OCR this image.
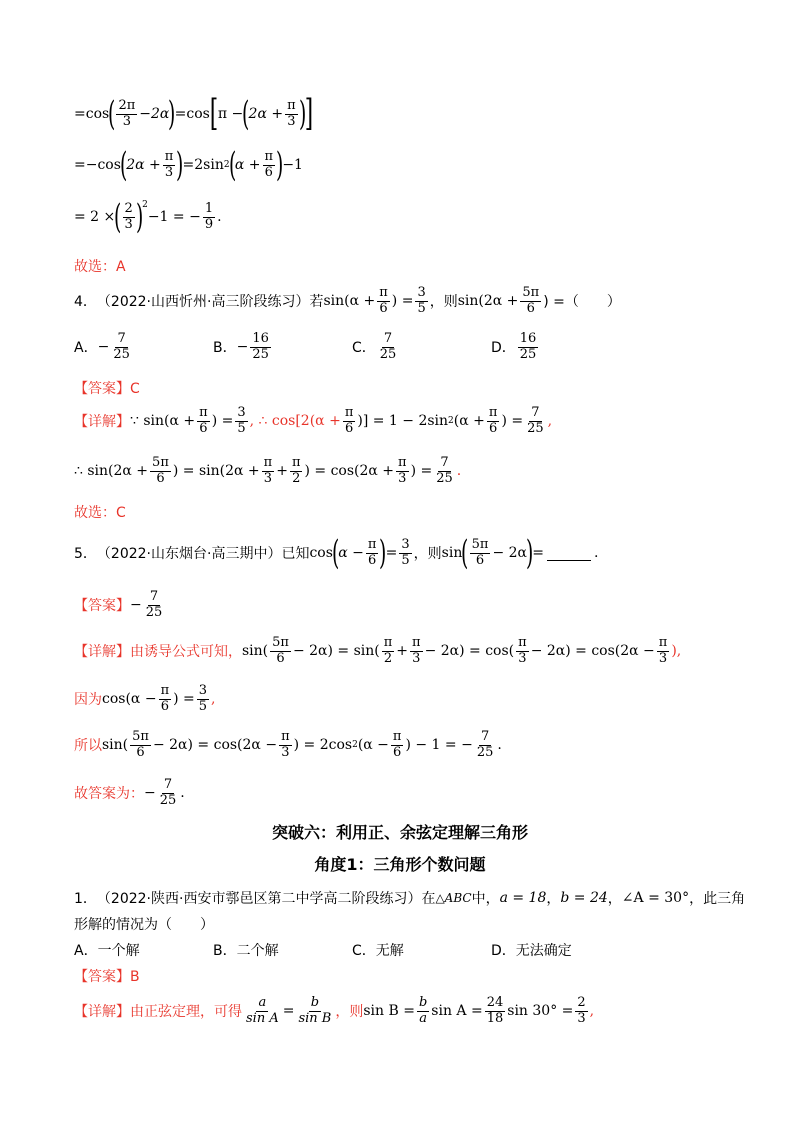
=cos
( $\frac{2\pi}{3} -2\alpha$
)
=cos [ π −
(
$2\alpha + \frac{\pi}{3}$ )
]
=−cos
(
$2\alpha + \frac{\pi}{3}$ )
=2sin 2
(
$\alpha + \frac{\pi}{6}$ )
−1
= 2 ×
( $\frac{2}{3}$ )
2
−1 = − $\frac{1}{9}$ .
故选：A
4． （2022·山西忻州·高三阶段练习）若 $\sin(\alpha + \frac{\pi}{6}$ ) = $\frac{3}{5}$ ，则 $\sin(2\alpha + \frac{5\pi}{6}$ ) =（　　）
A． − $\frac{7}{25}$	B． − $\frac{16}{25}$	C． $\frac{7}{25}$	D． $\frac{16}{25}$
【答案】C
【详解】 ∵ $\sin(\alpha + \frac{\pi}{6}$ ) = $\frac{3}{5}$ , ∴ $\cos[2(\alpha + \frac{\pi}{6}$ )] = 1 − 2sin 2 ($\alpha + \frac{\pi}{6}$ ) = $\frac{7}{25}$ ,
∴ $\sin(2\alpha + \frac{5\pi}{6}$ ) = $\sin(2\alpha + \frac{\pi}{3} + \frac{\pi}{2}$ ) = $\cos(2\alpha + \frac{\pi}{3}$ ) = $\frac{7}{25}$ .
故选：C
5． （2022·山东烟台·高三期中）已知 cos
(
$\alpha - \frac{\pi}{6}$ )
= $\frac{3}{5}$ ，则 sin
( $\frac{5\pi}{6} - 2\alpha$
)
=	.
【答案】 − $\frac{7}{25}$
【详解】 由诱导公式可知， $\sin( \frac{5\pi}{6} - 2\alpha) = \sin( \frac{\pi}{2} + \frac{\pi}{3} - 2\alpha) = \cos( \frac{\pi}{3} - 2\alpha) = \cos(2\alpha - \frac{\pi}{3}$ ),
因为 $\cos(\alpha - \frac{\pi}{6}$ ) = $\frac{3}{5}$ ,
所以 $\sin( \frac{5\pi}{6} - 2\alpha) = \cos(2\alpha - \frac{\pi}{3}$ ) = 2cos 2 ($\alpha - \frac{\pi}{6}$ ) − 1 = − $\frac{7}{25}$ .
故答案为： − $\frac{7}{25}$ .
突破六：利用正、余弦定理解三角形
角度1：三角形个数问题
1． （2022·陕西·西安市鄠邑区第二中学高二阶段练习）在 △ABC 中， a = 18 ， b = 24 ， ∠A = 30° ，此三角
形解的情况为（　　）
A． 一个解	B． 二个解	C． 无解	D． 无法确定
【答案】B
【详解】 由正弦定理，可得 $\frac{a}{\text{sin A}} = \frac{b}{\text{sin B}}$ ，则 $\sin B = \frac{b}{a}$ $\sin A = \frac{24}{18}$ $\sin 30^\circ = \frac{2}{3}$ ,
